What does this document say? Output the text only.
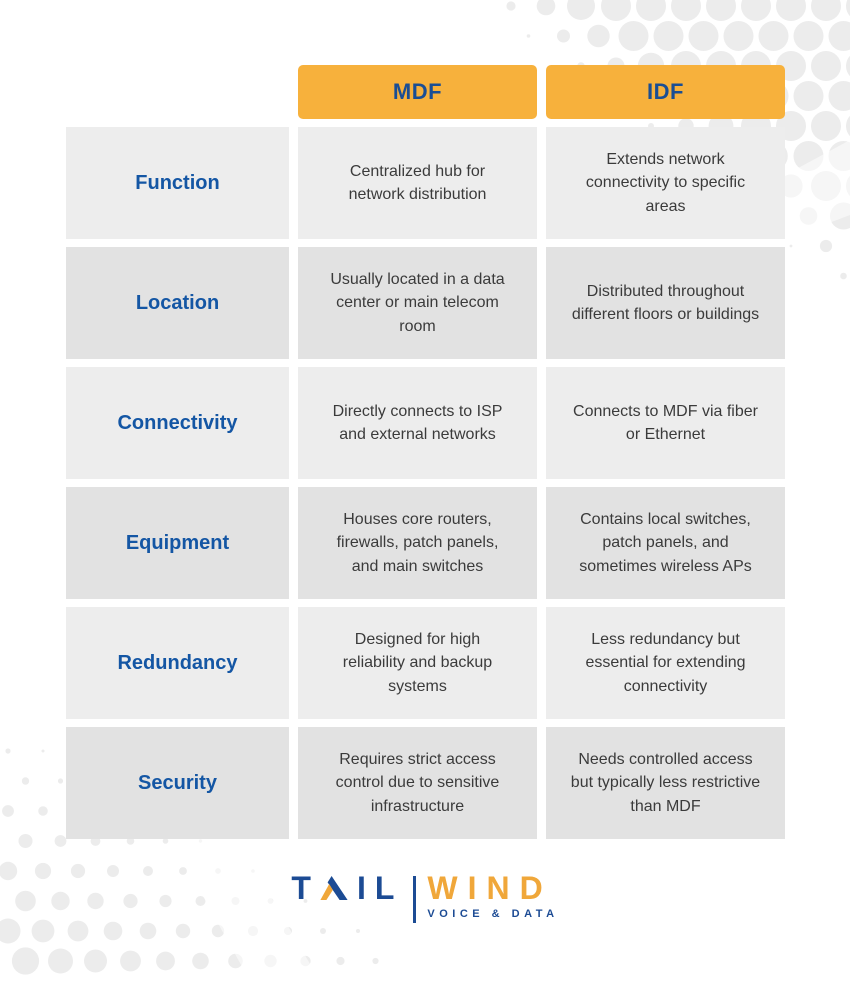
MDF	IDF
Function
Centralized hub for network distribution
Extends network connectivity to specific areas
Location
Usually located in a data center or main telecom room
Distributed throughout different floors or buildings
Connectivity
Directly connects to ISP and external networks
Connects to MDF via fiber or Ethernet
Equipment
Houses core routers, firewalls, patch panels, and main switches
Contains local switches, patch panels, and sometimes wireless APs
Redundancy
Designed for high reliability and backup systems
Less redundancy but essential for extending connectivity
Security
Requires strict access control due to sensitive infrastructure
Needs controlled access but typically less restrictive than MDF
T IL WIND
VOICE & DATA
